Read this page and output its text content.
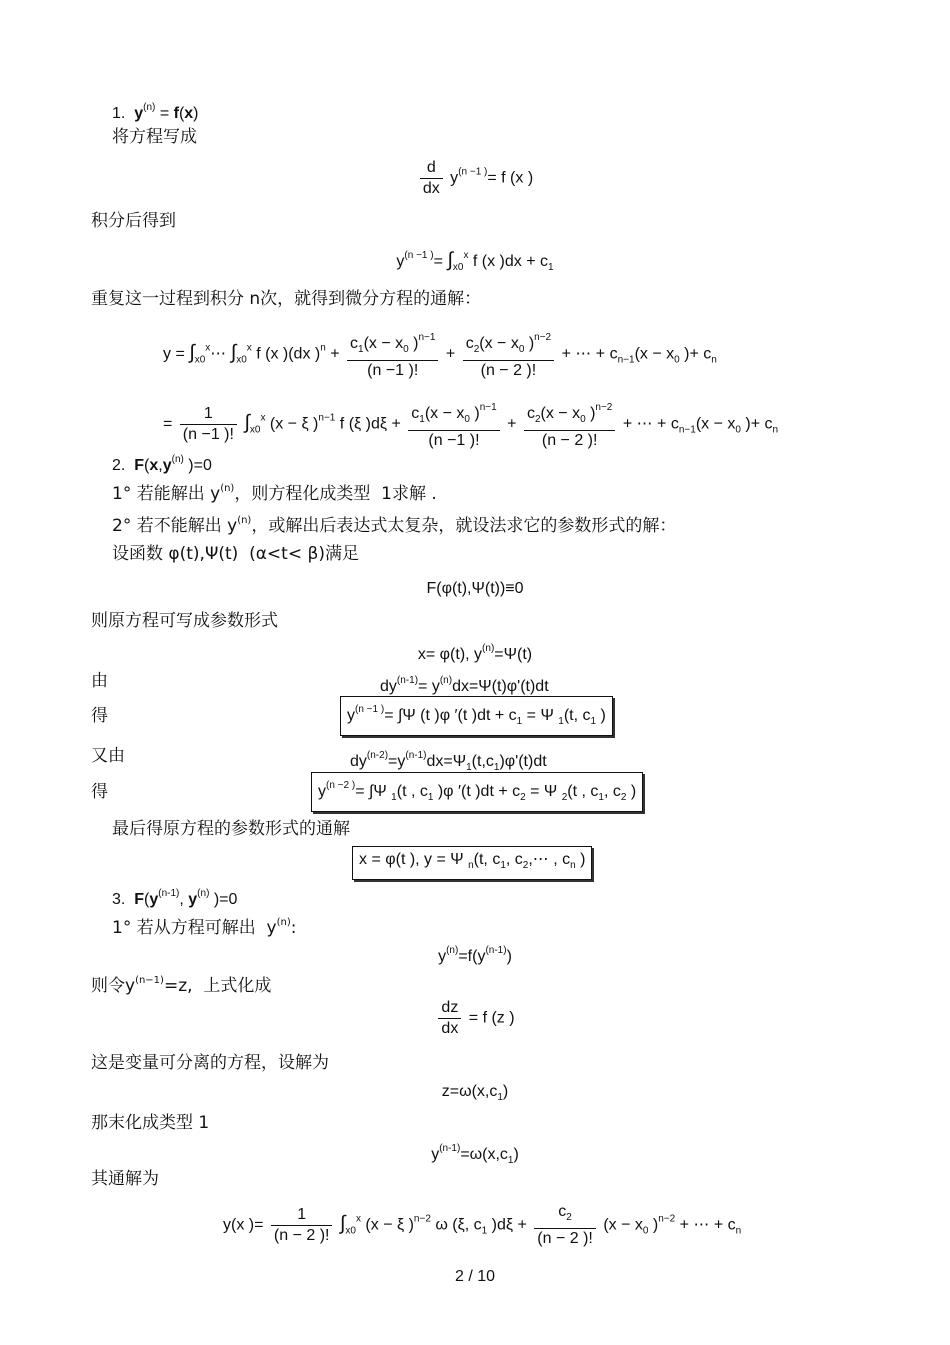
1.  $y^{(n)} = f(x)$
将方程写成
$\frac{d}{dx} y^{(n -1 )}= f$ (x )
积分后得到
$y^{(n -1 )}= \int_{x0}^x$ f (x )$dx + c_1$
重复这一过程到积分 n次，就得到微分方程的通解：
$y = \int_{x0}^x\cdots$ $\int_{x0}^x$ f (x )(dx )$^n + \frac{c_1(x - x_0 )^{n-1}}{(n -1 )!} + \frac{c_2(x - x_0 )^{n-2}}{(n - 2 )!}$ + ⋯ + $c_{n-1}(x - x_0$ )+ $c_n$
= $\frac{1}{(n -1 )!} \int_{x0}^x$ (x − ξ )$^{n-1}$ f (ξ )$d\xi + \frac{c_1(x - x_0 )^{n-1}}{(n -1 )!} + \frac{c_2(x - x_0 )^{n-2}}{(n - 2 )!}$ + ⋯ + $c_{n-1}(x - x_0$ )+ $c_n$
2.  $F(x,y^{(n)}$ )=0
1° 若能解出 $y^{(n)}$，则方程化成类型  1求解 .
2° 若不能解出 $y^{(n)}$，或解出后表达式太复杂，就设法求它的参数形式的解：
设函数 φ(t),Ψ(t)  (α<t< β)满足
F(φ(t),Ψ(t))≡0
则原方程可写成参数形式
x= φ(t), $y^{(n)}=\Psi(t)$
由	$dy^{(n-1)}= y^{(n)}dx=\Psi(t)\varphi'(t)dt$
得	$y^{(n -1 )}= \int\Psi$ (t )φ ′(t )$dt + c_1 = \Psi$ $_1$(t, $c_1$ )
又由	$dy^{(n-2)}=y^{(n-1)}dx=\Psi_1(t,c_1)\varphi'(t)dt$
得	$y^{(n -2 )}= \int\Psi$ $_1$(t , $c_1$ )φ ′(t )$dt + c_2 = \Psi$ $_2$(t , $c_1$, $c_2$ )
最后得原方程的参数形式的通解
x = φ(t ), y = Ψ $_n$(t, $c_1$, $c_2,\cdots$ , $c_n$ )
3.  $F(y^{(n-1)}$, $y^{(n)}$ )=0
1° 若从方程可解出  $y^{(n)}$:
$y^{(n)}=f(y^{(n-1)})$
则令$y^{(n-1)}=z$,  上式化成
$\frac{dz}{dx} = f$ (z )
这是变量可分离的方程，设解为
$z=\omega(x,c_1)$
那末化成类型 1
$y^{(n-1)}=\omega(x,c_1)$
其通解为
y(x )= $\frac{1}{(n - 2 )!} \int_{x0}^x$ (x − ξ )$^{n-2}$ ω (ξ, $c_1$ )$d\xi + \frac{c_2}{(n - 2 )!} (x - x_0$ )$^{n-2}$ + ⋯ + $c_n$
2 / 10
